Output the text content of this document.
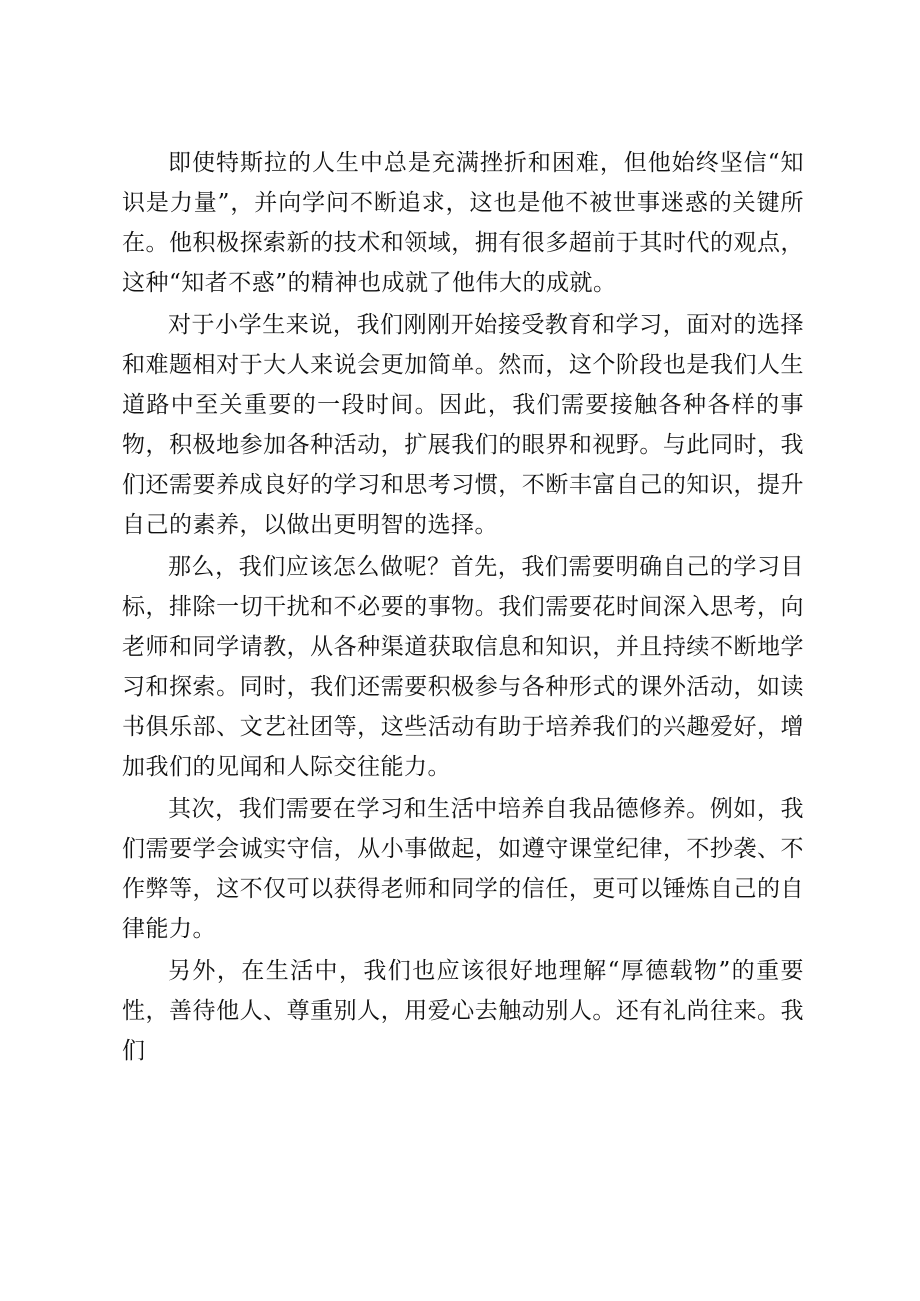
即使特斯拉的人生中总是充满挫折和困难，但他始终坚信“知识是力量”，并向学问不断追求，这也是他不被世事迷惑的关键所在。他积极探索新的技术和领域，拥有很多超前于其时代的观点，这种“知者不惑”的精神也成就了他伟大的成就。

对于小学生来说，我们刚刚开始接受教育和学习，面对的选择和难题相对于大人来说会更加简单。然而，这个阶段也是我们人生道路中至关重要的一段时间。因此，我们需要接触各种各样的事物，积极地参加各种活动，扩展我们的眼界和视野。与此同时，我们还需要养成良好的学习和思考习惯，不断丰富自己的知识，提升自己的素养，以做出更明智的选择。

那么，我们应该怎么做呢？首先，我们需要明确自己的学习目标，排除一切干扰和不必要的事物。我们需要花时间深入思考，向老师和同学请教，从各种渠道获取信息和知识，并且持续不断地学习和探索。同时，我们还需要积极参与各种形式的课外活动，如读书俱乐部、文艺社团等，这些活动有助于培养我们的兴趣爱好，增加我们的见闻和人际交往能力。

其次，我们需要在学习和生活中培养自我品德修养。例如，我们需要学会诚实守信，从小事做起，如遵守课堂纪律，不抄袭、不作弊等，这不仅可以获得老师和同学的信任，更可以锤炼自己的自律能力。

另外，在生活中，我们也应该很好地理解“厚德载物”的重要性，善待他人、尊重别人，用爱心去触动别人。还有礼尚往来。我们
